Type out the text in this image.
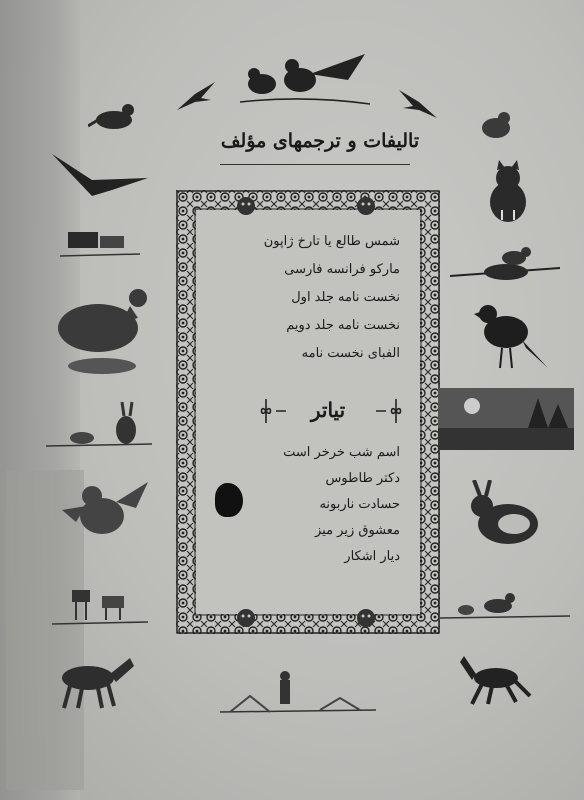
تالیفات و ترجمهای مؤلف
شمس طالع یا تارخ ژاپون
مارکو فرانسه فارسی
نخست نامه جلد اول
نخست نامه جلد دویم
الفبای نخست نامه
تیاتر
اسم شب خرخر است
دکتر طاطوس
حسادت ناربونه
معشوق زیر میز
دیار اشکار
